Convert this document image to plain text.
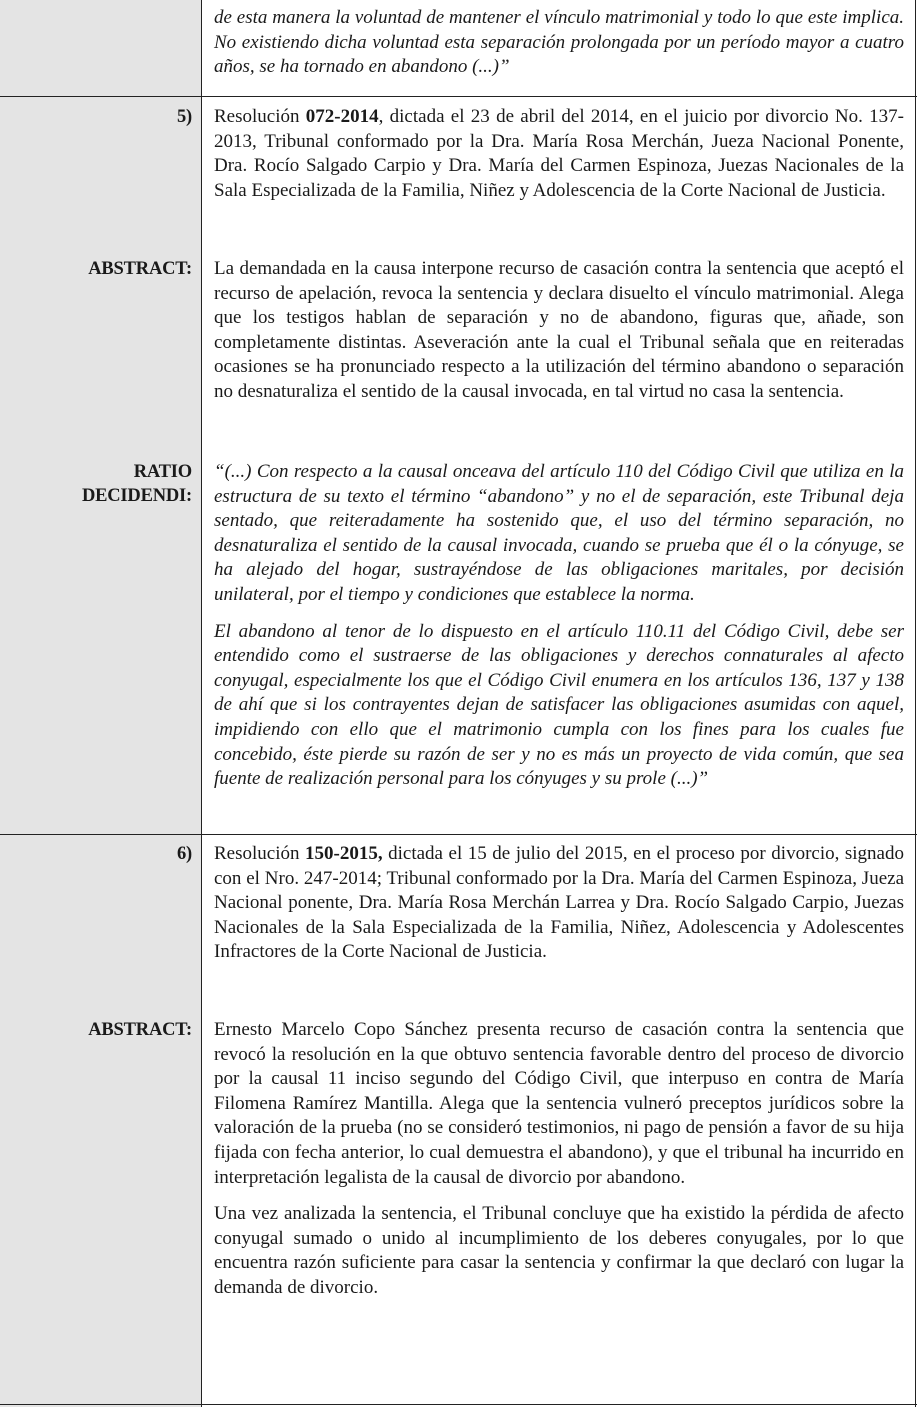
de esta manera la voluntad de mantener el vínculo matrimonial y todo lo que este implica. No existiendo dicha voluntad esta separación prolongada por un período mayor a cuatro años, se ha tornado en abandono (...)”

5) Resolución 072-2014, dictada el 23 de abril del 2014, en el juicio por divorcio No. 137-2013, Tribunal conformado por la Dra. María Rosa Merchán, Jueza Nacional Ponente, Dra. Rocío Salgado Carpio y Dra. María del Carmen Espinoza, Juezas Nacionales de la Sala Especializada de la Familia, Niñez y Adolescencia de la Corte Nacional de Justicia.

ABSTRACT: La demandada en la causa interpone recurso de casación contra la sentencia que aceptó el recurso de apelación, revoca la sentencia y declara disuelto el vínculo matrimonial. Alega que los testigos hablan de separación y no de abandono, figuras que, añade, son completamente distintas. Aseveración ante la cual el Tribunal señala que en reiteradas ocasiones se ha pronunciado respecto a la utilización del término abandono o separación no desnaturaliza el sentido de la causal invocada, en tal virtud no casa la sentencia.

RATIO
DECIDENDI:

“(...) Con respecto a la causal onceava del artículo 110 del Código Civil que utiliza en la estructura de su texto el término “abandono” y no el de separación, este Tribunal deja sentado, que reiteradamente ha sostenido que, el uso del término separación, no desnaturaliza el sentido de la causal invocada, cuando se prueba que él o la cónyuge, se ha alejado del hogar, sustrayéndose de las obligaciones maritales, por decisión unilateral, por el tiempo y condiciones que establece la norma.

El abandono al tenor de lo dispuesto en el artículo 110.11 del Código Civil, debe ser entendido como el sustraerse de las obligaciones y derechos connaturales al afecto conyugal, especialmente los que el Código Civil enumera en los artículos 136, 137 y 138 de ahí que si los contrayentes dejan de satisfacer las obligaciones asumidas con aquel, impidiendo con ello que el matrimonio cumpla con los fines para los cuales fue concebido, éste pierde su razón de ser y no es más un proyecto de vida común, que sea fuente de realización personal para los cónyuges y su prole (...)”

6) Resolución 150-2015, dictada el 15 de julio del 2015, en el proceso por divorcio, signado con el Nro. 247-2014; Tribunal conformado por la Dra. María del Carmen Espinoza, Jueza Nacional ponente, Dra. María Rosa Merchán Larrea y Dra. Rocío Salgado Carpio, Juezas Nacionales de la Sala Especializada de la Familia, Niñez, Adolescencia y Adolescentes Infractores de la Corte Nacional de Justicia.

ABSTRACT: Ernesto Marcelo Copo Sánchez presenta recurso de casación contra la sentencia que revocó la resolución en la que obtuvo sentencia favorable dentro del proceso de divorcio por la causal 11 inciso segundo del Código Civil, que interpuso en contra de María Filomena Ramírez Mantilla. Alega que la sentencia vulneró preceptos jurídicos sobre la valoración de la prueba (no se consideró testimonios, ni pago de pensión a favor de su hija fijada con fecha anterior, lo cual demuestra el abandono), y que el tribunal ha incurrido en interpretación legalista de la causal de divorcio por abandono.

Una vez analizada la sentencia, el Tribunal concluye que ha existido la pérdida de afecto conyugal sumado o unido al incumplimiento de los deberes conyugales, por lo que encuentra razón suficiente para casar la sentencia y confirmar la que declaró con lugar la demanda de divorcio.
